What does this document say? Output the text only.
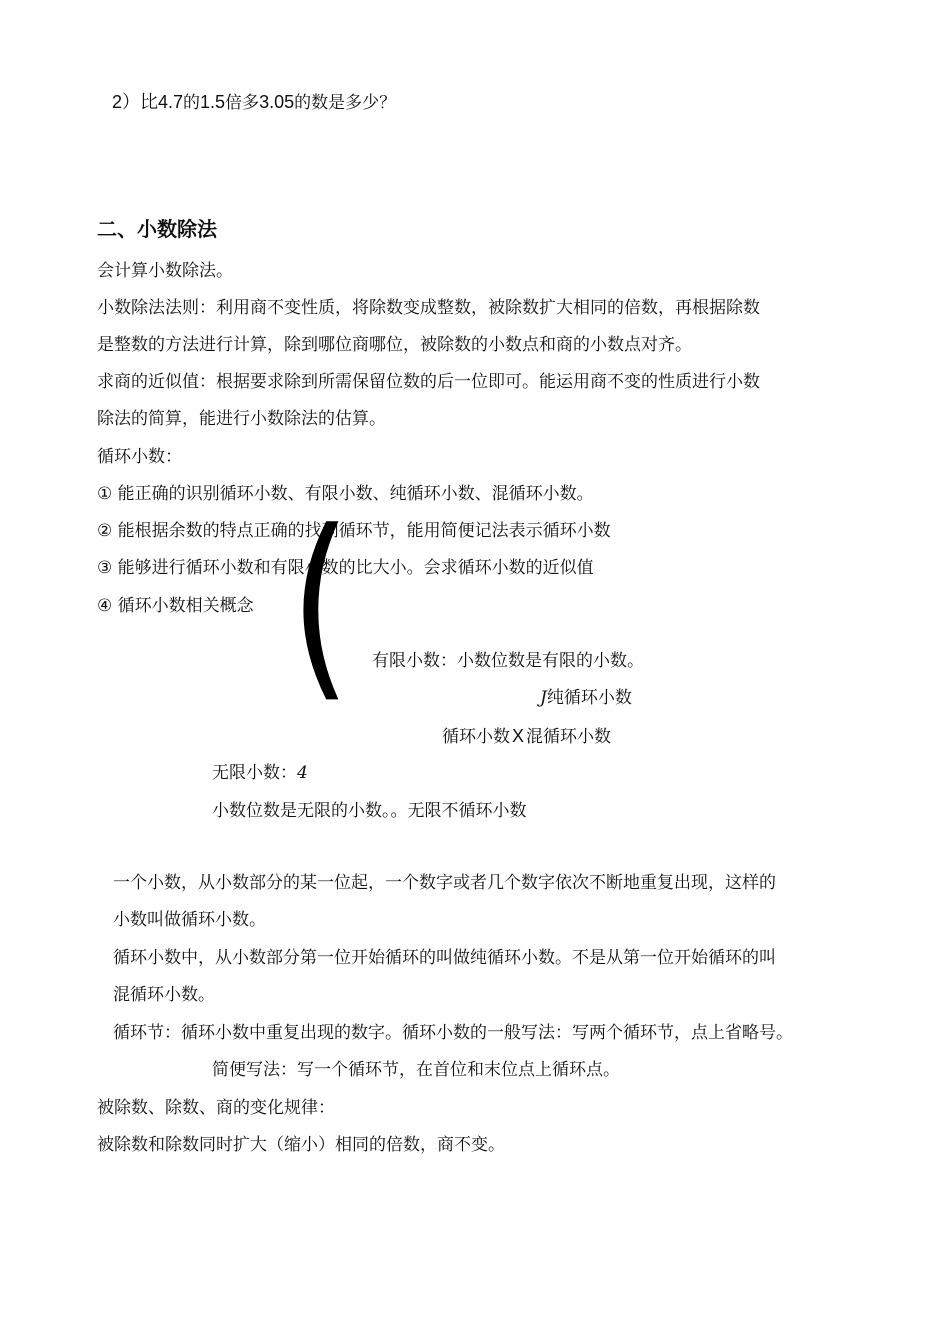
2）比4.7的1.5倍多3.05的数是多少？
二、小数除法
会计算小数除法。
小数除法法则：利用商不变性质，将除数变成整数，被除数扩大相同的倍数，再根据除数
是整数的方法进行计算，除到哪位商哪位，被除数的小数点和商的小数点对齐。
求商的近似值：根据要求除到所需保留位数的后一位即可。能运用商不变的性质进行小数
除法的简算，能进行小数除法的估算。
循环小数：
① 能正确的识别循环小数、有限小数、纯循环小数、混循环小数。
② 能根据余数的特点正确的找到循环节，能用简便记法表示循环小数
③ 能够进行循环小数和有限小数的比大小。会求循环小数的近似值
④ 循环小数相关概念 ( 有限小数：小数位数是有限的小数。
J纯循环小数
循环小数 X 混循环小数
无限小数：4
小数位数是无限的小数。。无限不循环小数
一个小数，从小数部分的某一位起，一个数字或者几个数字依次不断地重复出现，这样的
小数叫做循环小数。
循环小数中，从小数部分第一位开始循环的叫做纯循环小数。不是从第一位开始循环的叫
混循环小数。
循环节：循环小数中重复出现的数字。循环小数的一般写法：写两个循环节，点上省略号。
简便写法：写一个循环节，在首位和末位点上循环点。
被除数、除数、商的变化规律：
被除数和除数同时扩大（缩小）相同的倍数，商不变。
